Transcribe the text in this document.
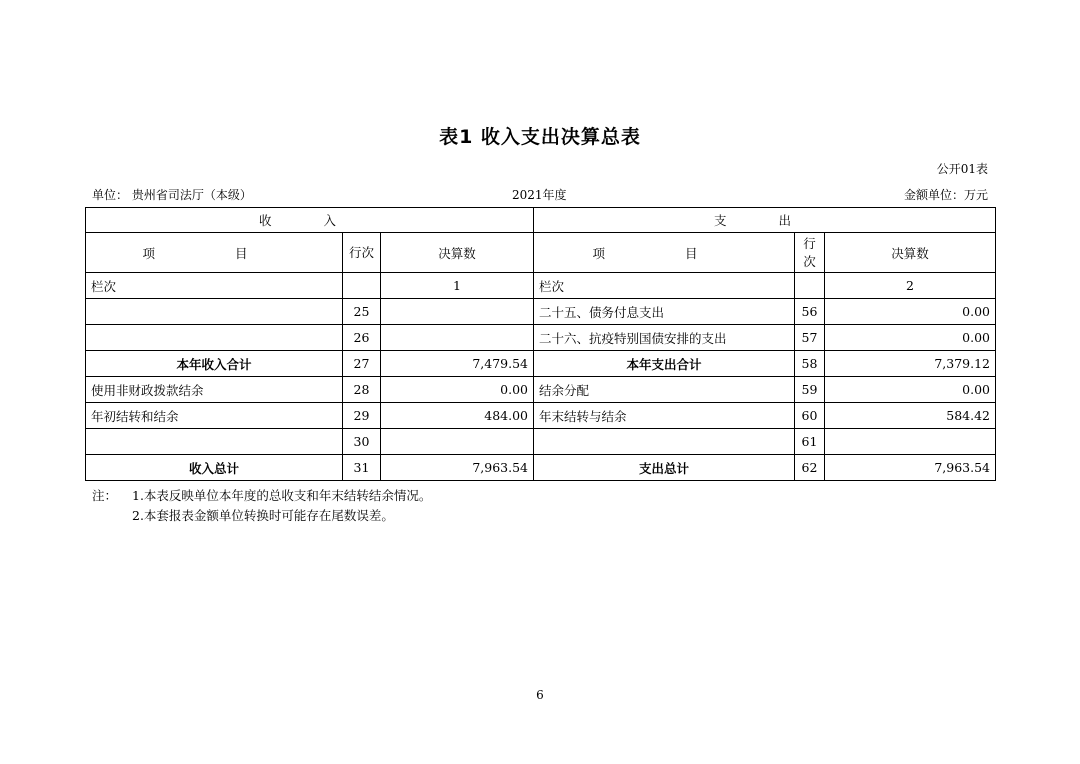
表1 收入支出决算总表
公开01表
单位： 贵州省司法厅（本级）	2021年度	金额单位：万元
收 入			支 出		
项 目	行次	决算数	项 目	行次	决算数
栏次		1	栏次		2
	25		二十五、债务付息支出	56	0.00
	26		二十六、抗疫特别国债安排的支出	57	0.00
本年收入合计	27	7,479.54	本年支出合计	58	7,379.12
使用非财政拨款结余	28	0.00	结余分配	59	0.00
年初结转和结余	29	484.00	年末结转与结余	60	584.42
	30			61	
收入总计	31	7,963.54	支出总计	62	7,963.54
注：	1.本表反映单位本年度的总收支和年末结转结余情况。
2.本套报表金额单位转换时可能存在尾数误差。
6
